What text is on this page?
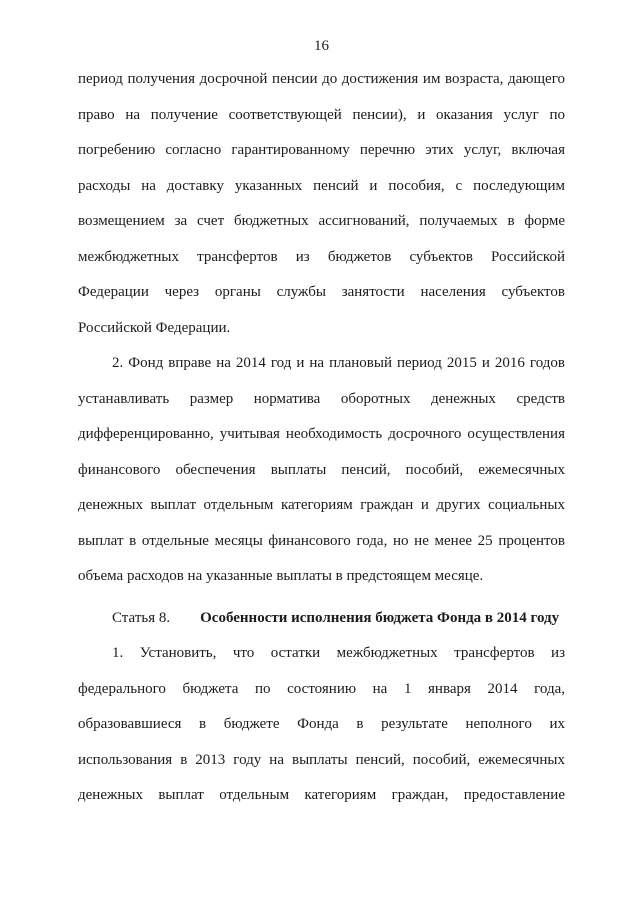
16
период получения досрочной пенсии до достижения им возраста, дающего
право на получение соответствующей пенсии), и оказания услуг по
погребению согласно гарантированному перечню этих услуг, включая
расходы на доставку указанных пенсий и пособия, с последующим
возмещением за счет бюджетных ассигнований, получаемых в форме
межбюджетных трансфертов из бюджетов субъектов Российской
Федерации через органы службы занятости населения субъектов
Российской Федерации.
2. Фонд вправе на 2014 год и на плановый период 2015 и 2016 годов
устанавливать размер норматива оборотных денежных средств
дифференцированно, учитывая необходимость досрочного осуществления
финансового обеспечения выплаты пенсий, пособий, ежемесячных
денежных выплат отдельным категориям граждан и других социальных
выплат в отдельные месяцы финансового года, но не менее 25 процентов
объема расходов на указанные выплаты в предстоящем месяце.
Статья 8. Особенности исполнения бюджета Фонда в 2014 году
1. Установить, что остатки межбюджетных трансфертов из
федерального бюджета по состоянию на 1 января 2014 года,
образовавшиеся в бюджете Фонда в результате неполного их
использования в 2013 году на выплаты пенсий, пособий, ежемесячных
денежных выплат отдельным категориям граждан, предоставление
